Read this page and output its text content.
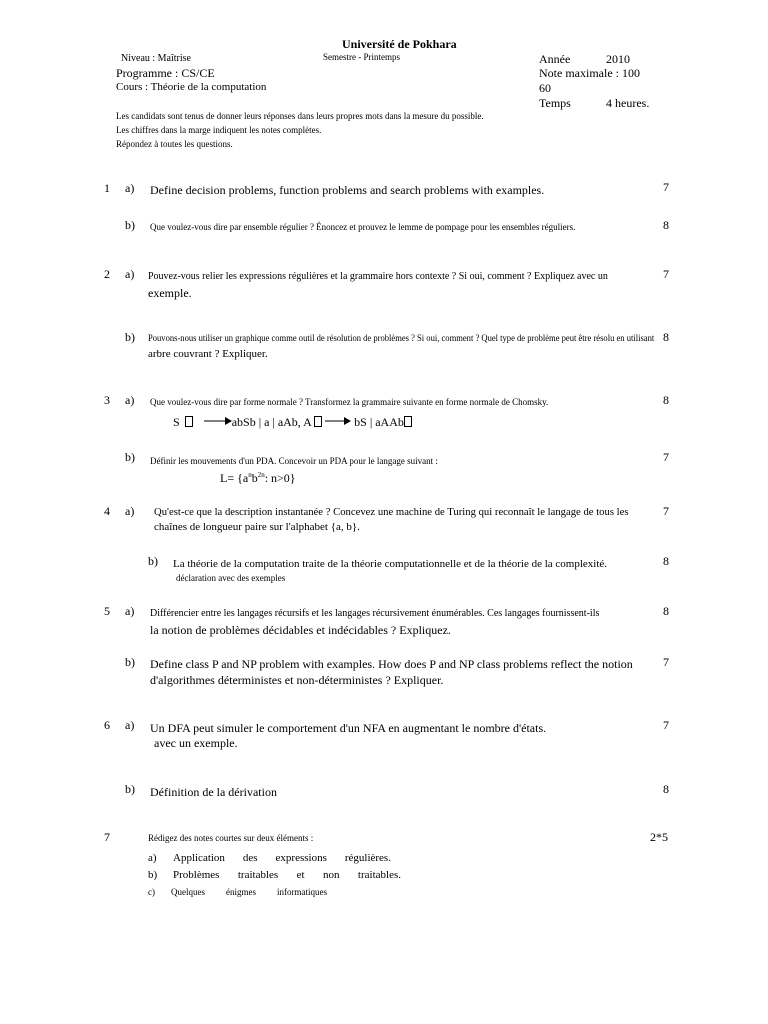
Université de Pokhara
Niveau : Maîtrise	Semestre - Printemps
Programme : CS/CE
Cours : Théorie de la computation
Année	2010
Note maximale : 100
60
Temps	4 heures.
Les candidats sont tenus de donner leurs réponses dans leurs propres mots dans la mesure du possible.
Les chiffres dans la marge indiquent les notes complètes.
Répondez à toutes les questions.
1 a) Define decision problems, function problems and search problems with examples.	7
b) Que voulez-vous dire par ensemble régulier ? Énoncez et prouvez le lemme de pompage pour les ensembles réguliers.	8
2 a) Pouvez-vous relier les expressions régulières et la grammaire hors contexte ? Si oui, comment ? Expliquez avec un
exemple.
7
b) Pouvons-nous utiliser un graphique comme outil de résolution de problèmes ? Si oui, comment ? Quel type de problème peut être résolu en utilisant
arbre couvrant ? Expliquer.
8
3 a) Que voulez-vous dire par forme normale ? Transformez la grammaire suivante en forme normale de Chomsky.	8
S	abSb | a | aAb, A	bS | aAAb
b) Définir les mouvements d'un PDA. Concevoir un PDA pour le langage suivant :	7
$L= \{a^nb^{2n}$: n>0}
4 a) Qu'est-ce que la description instantanée ? Concevez une machine de Turing qui reconnaît le langage de tous les
chaînes de longueur paire sur l'alphabet {a, b}.
7
b) La théorie de la computation traite de la théorie computationnelle et de la théorie de la complexité.
déclaration avec des exemples
8
5 a) Différencier entre les langages récursifs et les langages récursivement énumérables. Ces langages fournissent-ils
la notion de problèmes décidables et indécidables ? Expliquez.
8
b) Define class P and NP problem with examples. How does P and NP class problems reflect the notion
d'algorithmes déterministes et non-déterministes ? Expliquer.
7
6 a) Un DFA peut simuler le comportement d'un NFA en augmentant le nombre d'états.
avec un exemple.
7
b) Définition de la dérivation	8
7	Rédigez des notes courtes sur deux éléments :	2*5
a) Application des expressions régulières.
b) Problèmes traitables et non traitables.
c) Quelques énigmes informatiques
